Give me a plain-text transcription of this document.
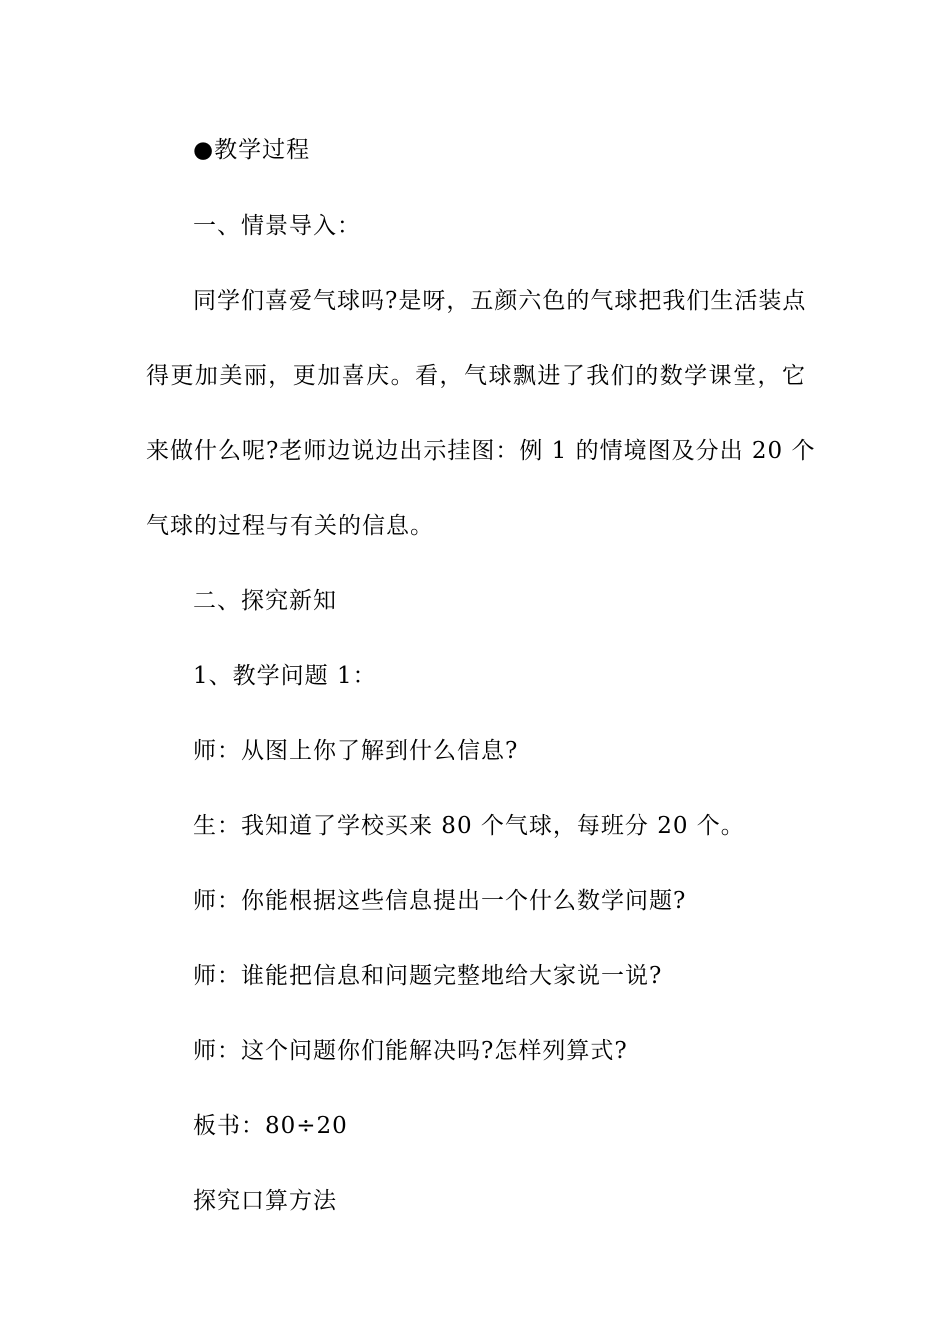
●教学过程
一、情景导入：
同学们喜爱气球吗?是呀，五颜六色的气球把我们生活装点
得更加美丽，更加喜庆。看，气球飘进了我们的数学课堂，它
来做什么呢?老师边说边出示挂图：例 1 的情境图及分出 20 个
气球的过程与有关的信息。
二、探究新知
1、教学问题 1：
师：从图上你了解到什么信息?
生：我知道了学校买来 80 个气球，每班分 20 个。
师：你能根据这些信息提出一个什么数学问题?
师：谁能把信息和问题完整地给大家说一说?
师：这个问题你们能解决吗?怎样列算式?
板书：80÷20
探究口算方法
